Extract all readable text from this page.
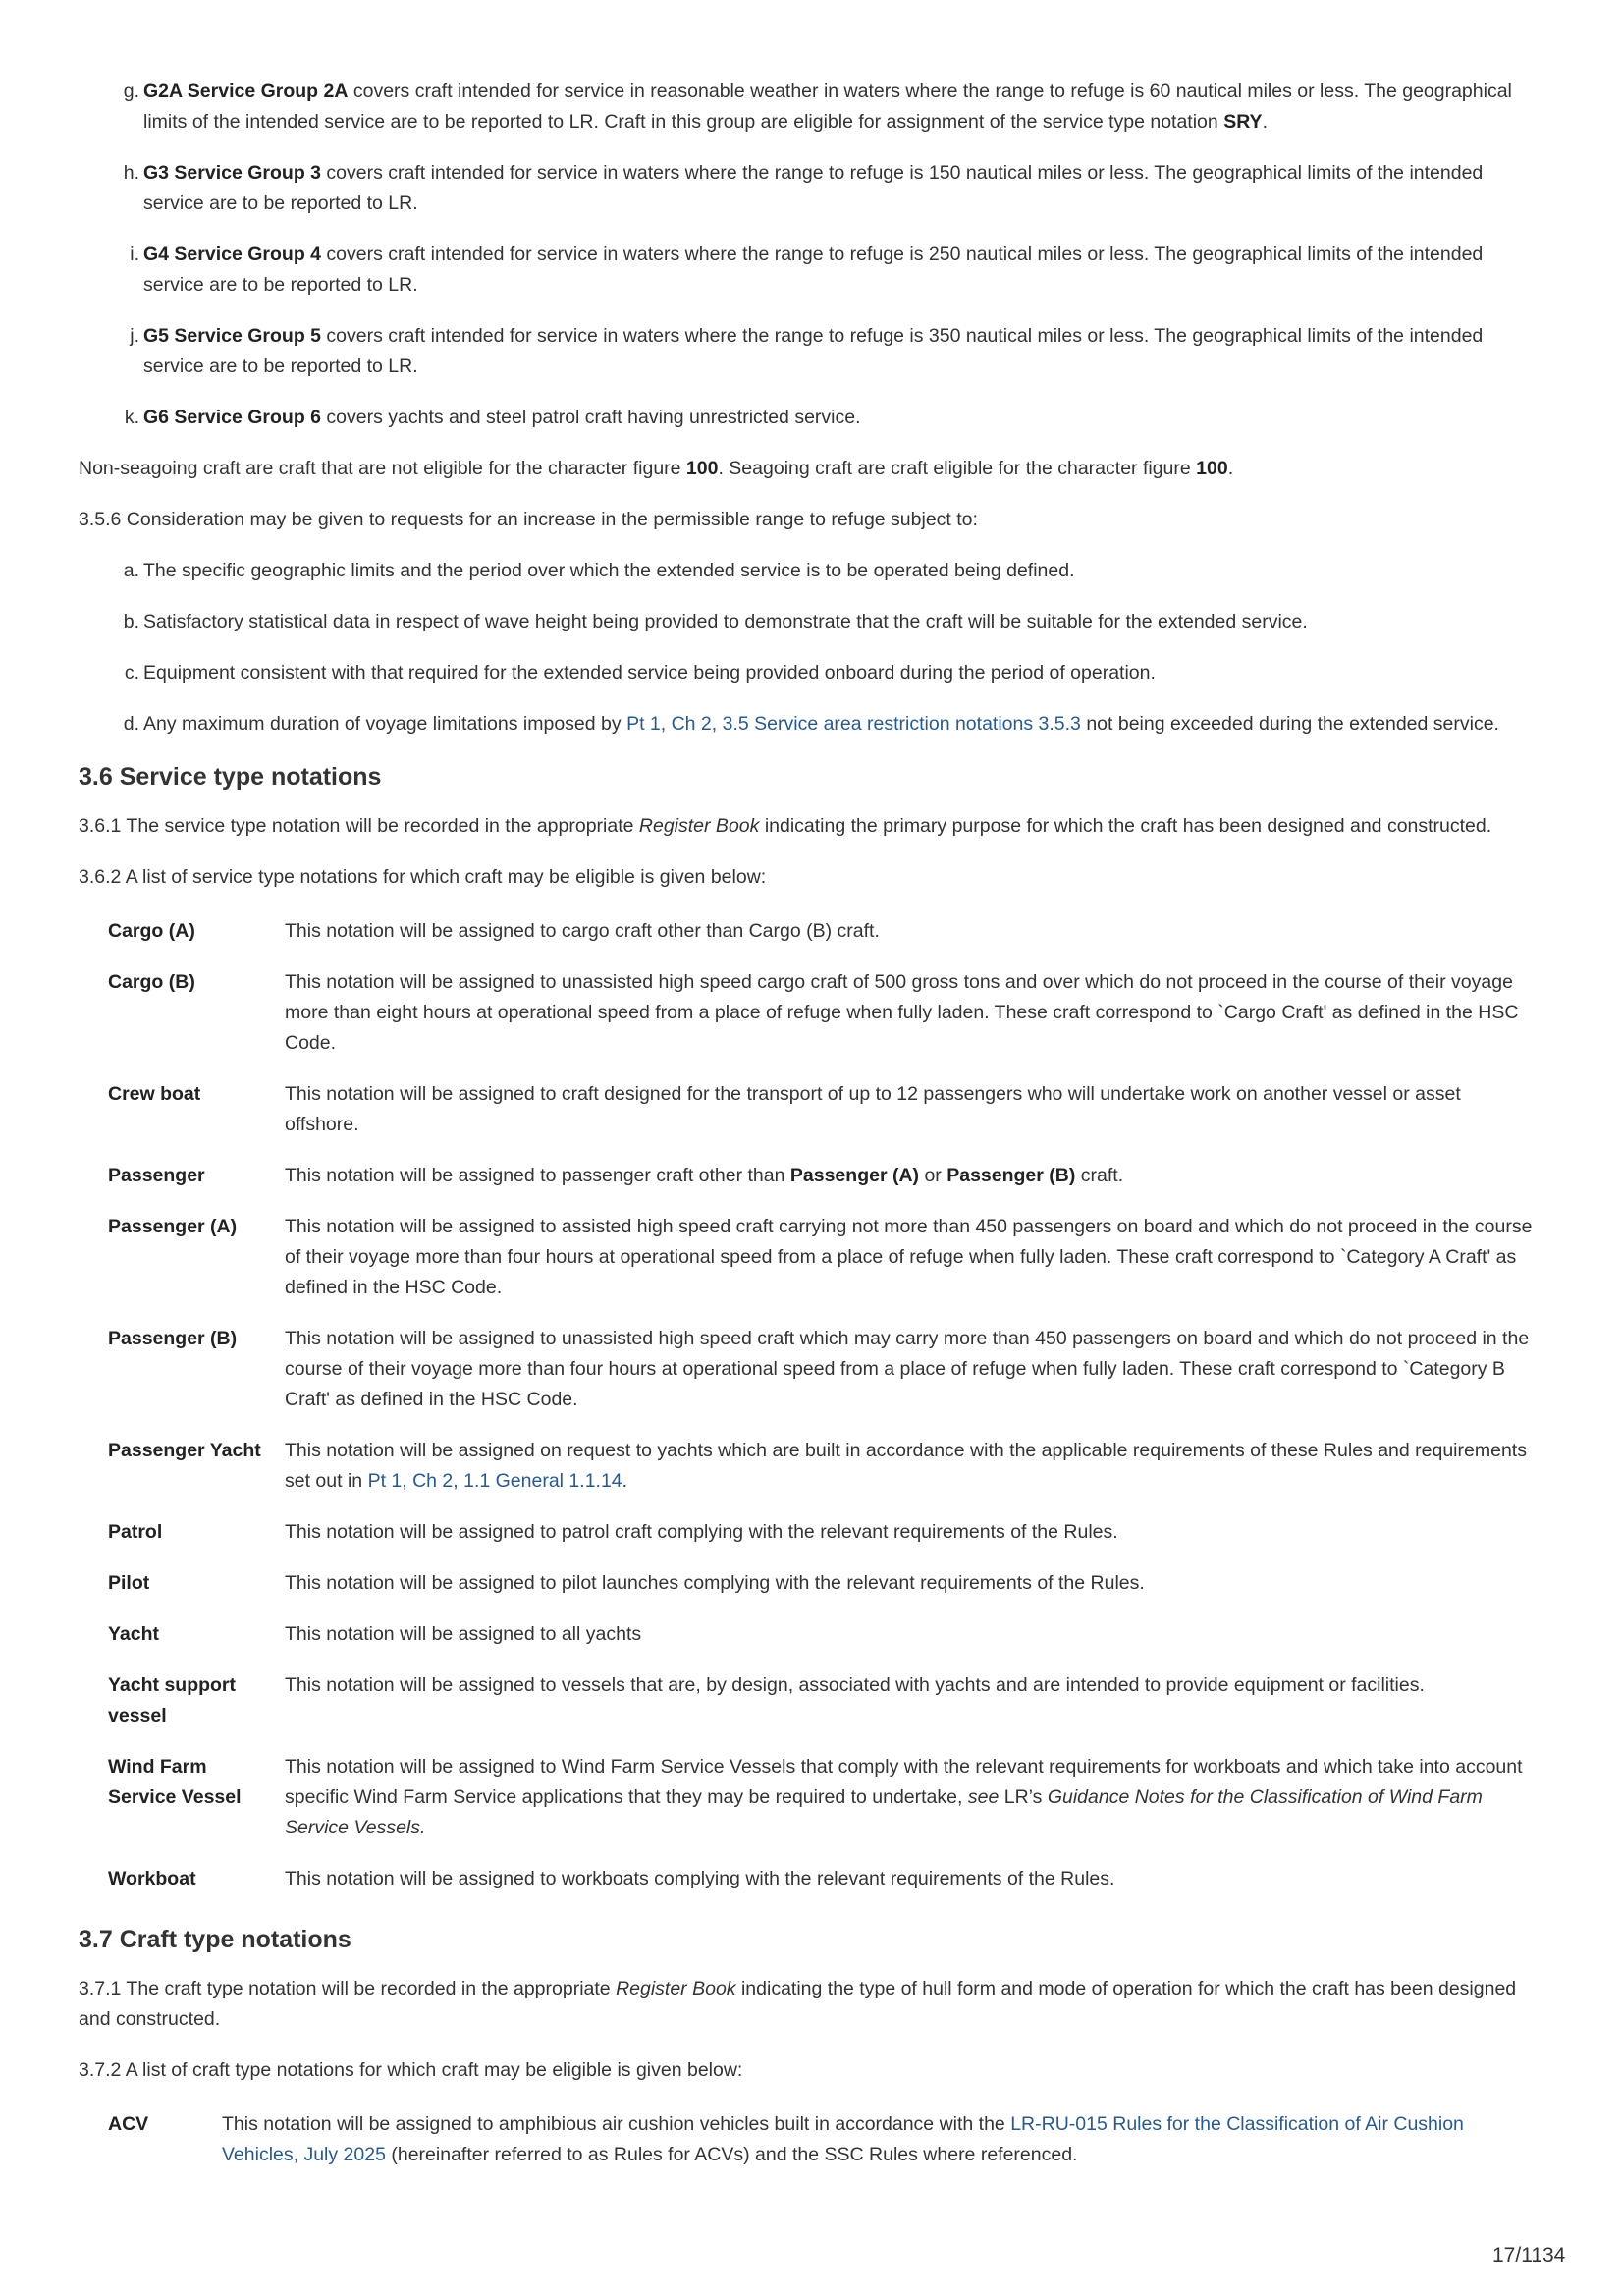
g. G2A Service Group 2A covers craft intended for service in reasonable weather in waters where the range to refuge is 60 nautical miles or less. The geographical limits of the intended service are to be reported to LR. Craft in this group are eligible for assignment of the service type notation SRY.
h. G3 Service Group 3 covers craft intended for service in waters where the range to refuge is 150 nautical miles or less. The geographical limits of the intended service are to be reported to LR.
i. G4 Service Group 4 covers craft intended for service in waters where the range to refuge is 250 nautical miles or less. The geographical limits of the intended service are to be reported to LR.
j. G5 Service Group 5 covers craft intended for service in waters where the range to refuge is 350 nautical miles or less. The geographical limits of the intended service are to be reported to LR.
k. G6 Service Group 6 covers yachts and steel patrol craft having unrestricted service.

Non-seagoing craft are craft that are not eligible for the character figure 100. Seagoing craft are craft eligible for the character figure 100.

3.5.6 Consideration may be given to requests for an increase in the permissible range to refuge subject to:

a. The specific geographic limits and the period over which the extended service is to be operated being defined.
b. Satisfactory statistical data in respect of wave height being provided to demonstrate that the craft will be suitable for the extended service.
c. Equipment consistent with that required for the extended service being provided onboard during the period of operation.
d. Any maximum duration of voyage limitations imposed by Pt 1, Ch 2, 3.5 Service area restriction notations 3.5.3 not being exceeded during the extended service.
3.6 Service type notations

3.6.1 The service type notation will be recorded in the appropriate Register Book indicating the primary purpose for which the craft has been designed and constructed.

3.6.2 A list of service type notations for which craft may be eligible is given below:

Cargo (A)	This notation will be assigned to cargo craft other than Cargo (B) craft.
Cargo (B)	This notation will be assigned to unassisted high speed cargo craft of 500 gross tons and over which do not proceed in the course of their voyage more than eight hours at operational speed from a place of refuge when fully laden. These craft correspond to `Cargo Craft' as defined in the HSC Code.
Crew boat	This notation will be assigned to craft designed for the transport of up to 12 passengers who will undertake work on another vessel or asset offshore.
Passenger	This notation will be assigned to passenger craft other than Passenger (A) or Passenger (B) craft.
Passenger (A)	This notation will be assigned to assisted high speed craft carrying not more than 450 passengers on board and which do not proceed in the course of their voyage more than four hours at operational speed from a place of refuge when fully laden. These craft correspond to `Category A Craft' as defined in the HSC Code.
Passenger (B)	This notation will be assigned to unassisted high speed craft which may carry more than 450 passengers on board and which do not proceed in the course of their voyage more than four hours at operational speed from a place of refuge when fully laden. These craft correspond to `Category B Craft' as defined in the HSC Code.
Passenger Yacht	This notation will be assigned on request to yachts which are built in accordance with the applicable requirements of these Rules and requirements set out in Pt 1, Ch 2, 1.1 General 1.1.14.
Patrol	This notation will be assigned to patrol craft complying with the relevant requirements of the Rules.
Pilot	This notation will be assigned to pilot launches complying with the relevant requirements of the Rules.
Yacht	This notation will be assigned to all yachts
Yacht support vessel	This notation will be assigned to vessels that are, by design, associated with yachts and are intended to provide equipment or facilities.
Wind Farm Service Vessel	This notation will be assigned to Wind Farm Service Vessels that comply with the relevant requirements for workboats and which take into account specific Wind Farm Service applications that they may be required to undertake, see LR’s Guidance Notes for the Classification of Wind Farm Service Vessels.
Workboat	This notation will be assigned to workboats complying with the relevant requirements of the Rules.
3.7 Craft type notations

3.7.1 The craft type notation will be recorded in the appropriate Register Book indicating the type of hull form and mode of operation for which the craft has been designed and constructed.

3.7.2 A list of craft type notations for which craft may be eligible is given below:

ACV	This notation will be assigned to amphibious air cushion vehicles built in accordance with the LR-RU-015 Rules for the Classification of Air Cushion Vehicles, July 2025 (hereinafter referred to as Rules for ACVs) and the SSC Rules where referenced.
17/1134
